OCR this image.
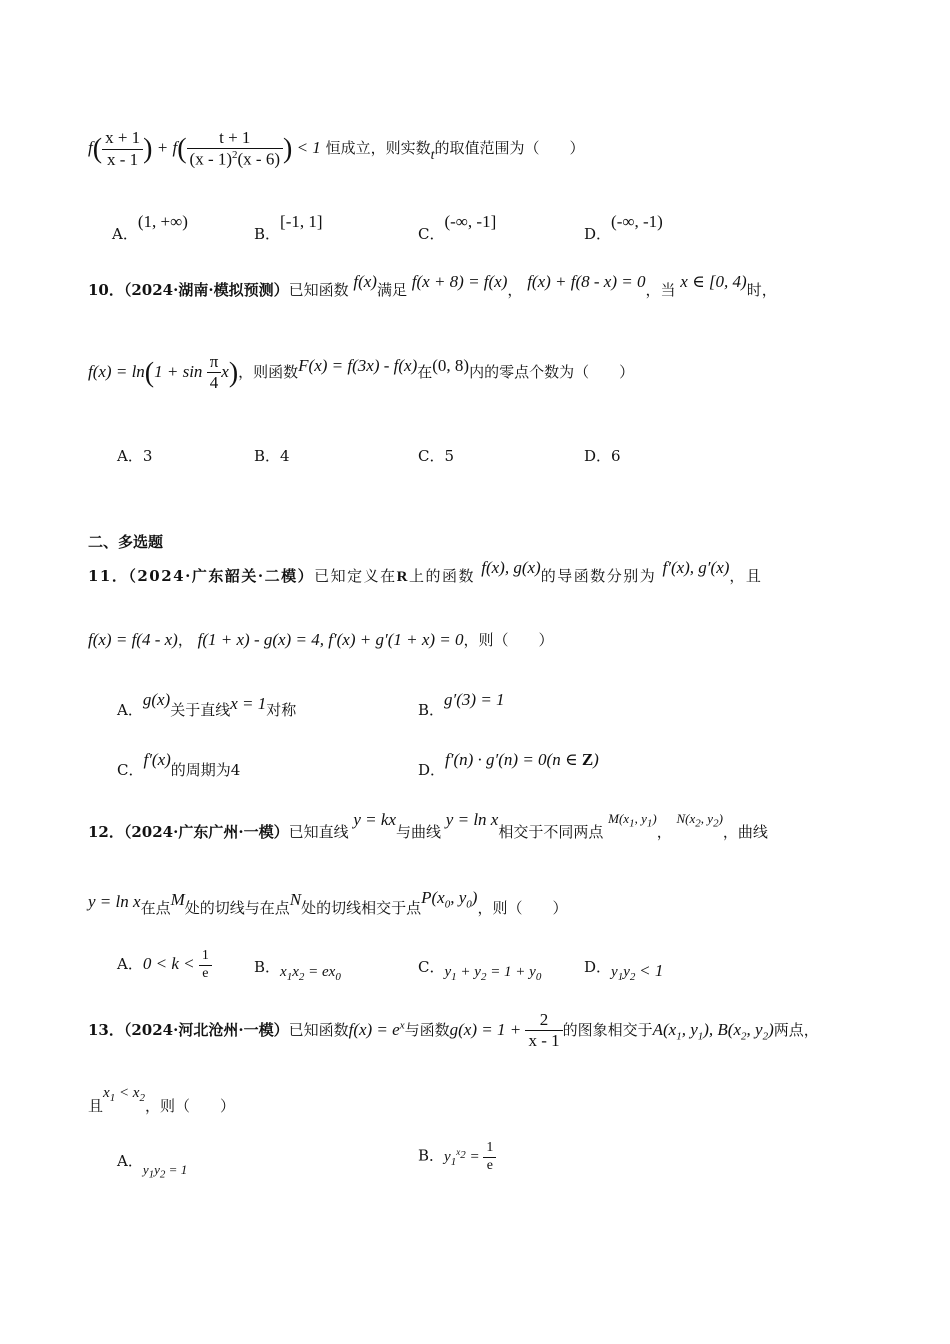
$f( \frac{x + 1}{x - 1}$ ) + $f( \frac{t + 1}{(x - 1)^2(x - 6)}$ ) < 1 恒成立，则实数t的取值范围为（　　）
A．(1, +∞)
B．[-1, 1]
C．(-∞, -1]
D．(-∞, -1)
10．（2024·湖南·模拟预测）已知函数 f(x)满足 f(x + 8) = f(x)， f(x) + f(8 - x) = 0，当 x ∈ [0, 4)时，
$f(x) = \ln(1 + \sin \frac{\pi}{4} x)$，则函数F(x) = f(3x) - f(x)在(0, 8)内的零点个数为（　　）
A．3	B．4	C．5	D．6
二、多选题
11．（2024·广东韶关·二模）已知定义在R上的函数 f(x), g(x)的导函数分别为 f′(x), g′(x)，且
f(x) = f(4 - x)， f(1 + x) - g(x) = 4, f′(x) + g′(1 + x) = 0，则（　　）
A．g(x)关于直线x = 1对称	B．g′(3) = 1
C．f′(x)的周期为4	D．f′(n) · g′(n) = 0(n ∈ Z)
12．（2024·广东广州·一模）已知直线 y = kx与曲线 y = ln x相交于不同两点 $M(x_1$, $y_1$)， $N(x_2$, $y_2$)，曲线
y = ln x在点M处的切线与在点N处的切线相交于点$P(x_0$, $y_0$)，则（　　）
A．$0 < k < \frac{1}{e}$	B．$x_1x_2 = ex_0$
C．$y_1 + y_2 = 1 + y_0$
D．$y_1y_2 < 1$
13．（2024·河北沧州·一模）已知函数$f(x) = e^x$与函数$g(x) = 1 + \frac{2}{x - 1}$ 的图象相交于$A(x_1$, $y_1$), $B(x_2$, $y_2$)两点，
且$x_1 < x_2$，则（　　）
A．$y_1y_2 = 1$
B．$y_1^{x_2} = \frac{1}{e}$
